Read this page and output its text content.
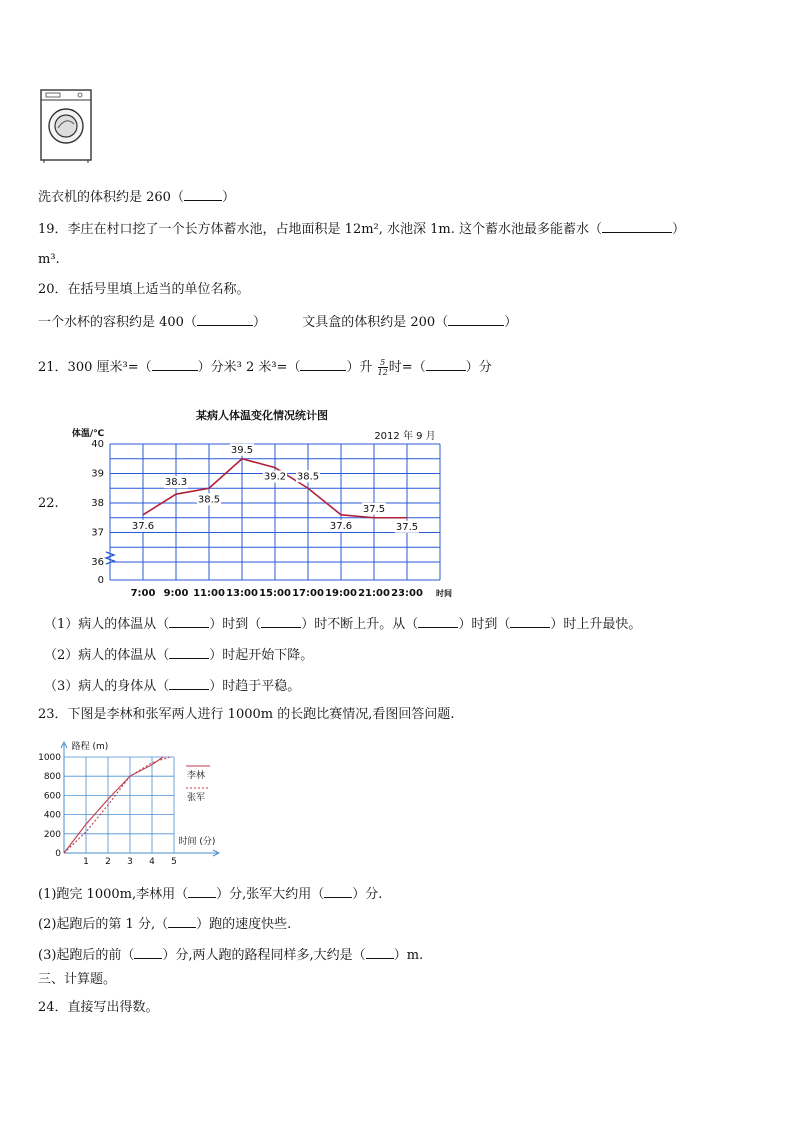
洗衣机的体积约是 260（	）
19．李庄在村口挖了一个长方体蓄水池，占地面积是 12m², 水池深 1m. 这个蓄水池最多能蓄水（	）
m³.
20．在括号里填上适当的单位名称。
一个水杯的容积约是 400（	）	文具盒的体积约是 200（	）
21．300 厘米³=（	）分米³ 2 米³=（	）升 $\frac{5}{12}$ 时=（	）分
22.
某病人体温变化情况统计图
2012 年 9 月
体温/℃
时间
40
39
38
37
36
0
7:00 9:00 11:00 13:00 15:00 17:00 19:00 21:00 23:00
37.6
38.3
38.5
39.5
39.2 38.5
37.6
37.5
37.5
（1）病人的体温从（	）时到（	）时不断上升。从（	）时到（	）时上升最快。
（2）病人的体温从（	）时起开始下降。
（3）病人的身体从（	）时趋于平稳。
23．下图是李林和张军两人进行 1000m 的长跑比赛情况,看图回答问题.
路程 (m)
时间 (分)
1000
800
600
400
200
0
1 2 3 4 5
李林
张军
(1)跑完 1000m,李林用（ ）分,张军大约用（ ）分.
(2)起跑后的第 1 分,（ ）跑的速度快些.
(3)起跑后的前（ ）分,两人跑的路程同样多,大约是（ ）m.
三、计算题。
24．直接写出得数。
